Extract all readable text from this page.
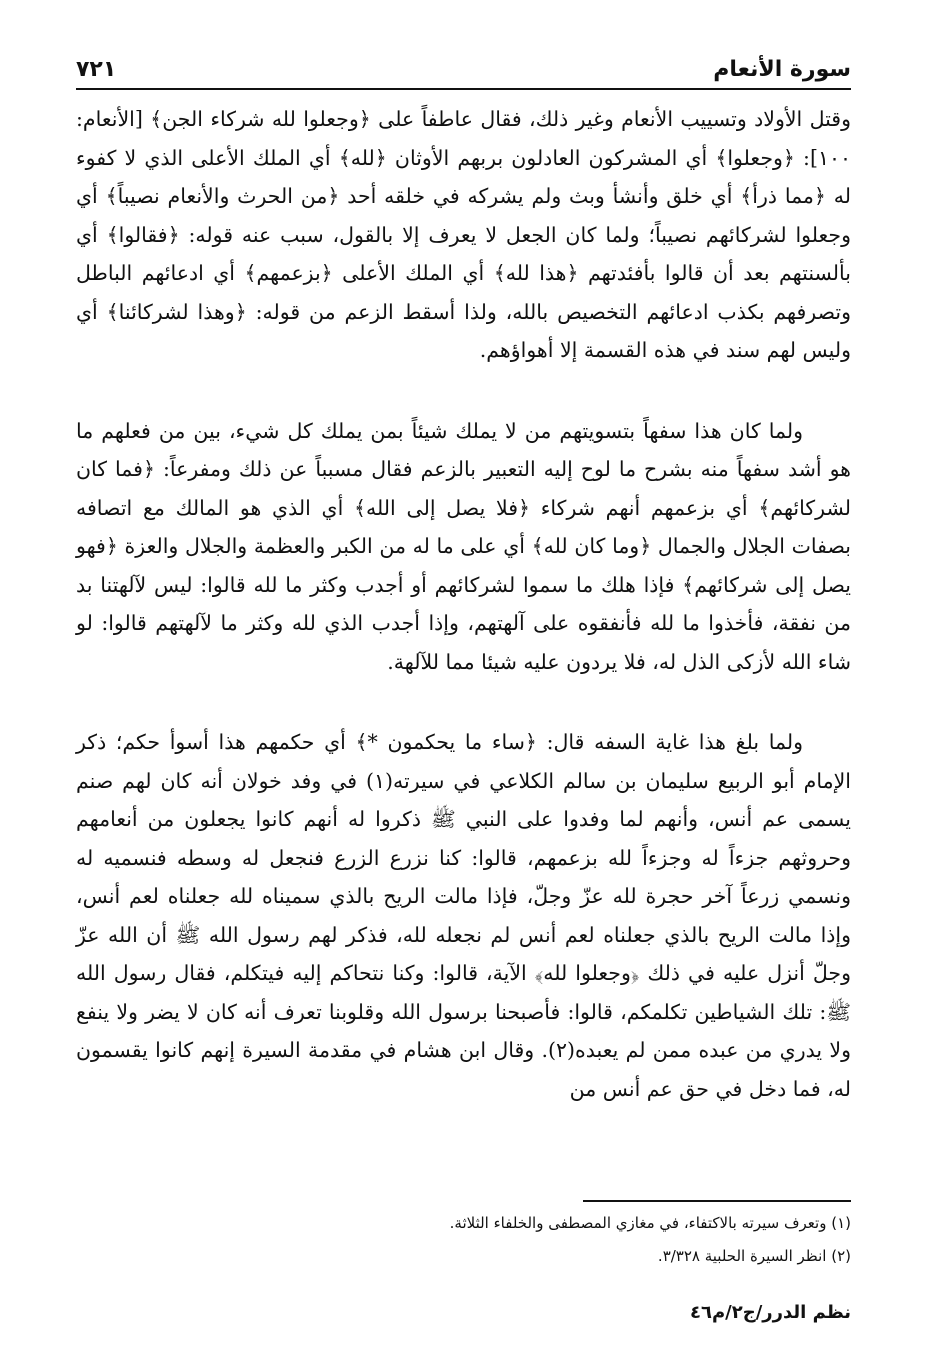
سورة الأنعام
٧٢١

وقتل الأولاد وتسييب الأنعام وغير ذلك، فقال عاطفاً على ﴿وجعلوا لله شركاء الجن﴾ [الأنعام: ١٠٠]: ﴿وجعلوا﴾ أي المشركون العادلون بربهم الأوثان ﴿لله﴾ أي الملك الأعلى الذي لا كفوء له ﴿مما ذرأ﴾ أي خلق وأنشأ وبث ولم يشركه في خلقه أحد ﴿من الحرث والأنعام نصيباً﴾ أي وجعلوا لشركائهم نصيباً؛ ولما كان الجعل لا يعرف إلا بالقول، سبب عنه قوله: ﴿فقالوا﴾ أي بألسنتهم بعد أن قالوا بأفئدتهم ﴿هذا لله﴾ أي الملك الأعلى ﴿بزعمهم﴾ أي ادعائهم الباطل وتصرفهم بكذب ادعائهم التخصيص بالله، ولذا أسقط الزعم من قوله: ﴿وهذا لشركائنا﴾ أي وليس لهم سند في هذه القسمة إلا أهواؤهم.

ولما كان هذا سفهاً بتسويتهم من لا يملك شيئاً بمن يملك كل شيء، بين من فعلهم ما هو أشد سفهاً منه بشرح ما لوح إليه التعبير بالزعم فقال مسبباً عن ذلك ومفرعاً: ﴿فما كان لشركائهم﴾ أي بزعمهم أنهم شركاء ﴿فلا يصل إلى الله﴾ أي الذي هو المالك مع اتصافه بصفات الجلال والجمال ﴿وما كان لله﴾ أي على ما له من الكبر والعظمة والجلال والعزة ﴿فهو يصل إلى شركائهم﴾ فإذا هلك ما سموا لشركائهم أو أجدب وكثر ما لله قالوا: ليس لآلهتنا بد من نفقة، فأخذوا ما لله فأنفقوه على آلهتهم، وإذا أجدب الذي لله وكثر ما لآلهتهم قالوا: لو شاء الله لأزكى الذل له، فلا يردون عليه شيئا مما للآلهة.

ولما بلغ هذا غاية السفه قال: ﴿ساء ما يحكمون *﴾ أي حكمهم هذا أسوأ حكم؛ ذكر الإمام أبو الربيع سليمان بن سالم الكلاعي في سيرته(١) في وفد خولان أنه كان لهم صنم يسمى عم أنس، وأنهم لما وفدوا على النبي ﷺ ذكروا له أنهم كانوا يجعلون من أنعامهم وحروثهم جزءاً له وجزءاً لله بزعمهم، قالوا: كنا نزرع الزرع فنجعل له وسطه فنسميه له ونسمي زرعاً آخر حجرة لله عزّ وجلّ، فإذا مالت الريح بالذي سميناه لله جعلناه لعم أنس، وإذا مالت الريح بالذي جعلناه لعم أنس لم نجعله لله، فذكر لهم رسول الله ﷺ أن الله عزّ وجلّ أنزل عليه في ذلك ﴿وجعلوا لله﴾ الآية، قالوا: وكنا نتحاكم إليه فيتكلم، فقال رسول الله ﷺ: تلك الشياطين تكلمكم، قالوا: فأصبحنا برسول الله وقلوبنا تعرف أنه كان لا يضر ولا ينفع ولا يدري من عبده ممن لم يعبده(٢). وقال ابن هشام في مقدمة السيرة إنهم كانوا يقسمون له، فما دخل في حق عم أنس من

(١) وتعرف سيرته بالاكتفاء، في مغازي المصطفى والخلفاء الثلاثة.
(٢) انظر السيرة الحلبية ٣/٣٢٨.
نظم الدرر/ج٢/م٤٦
